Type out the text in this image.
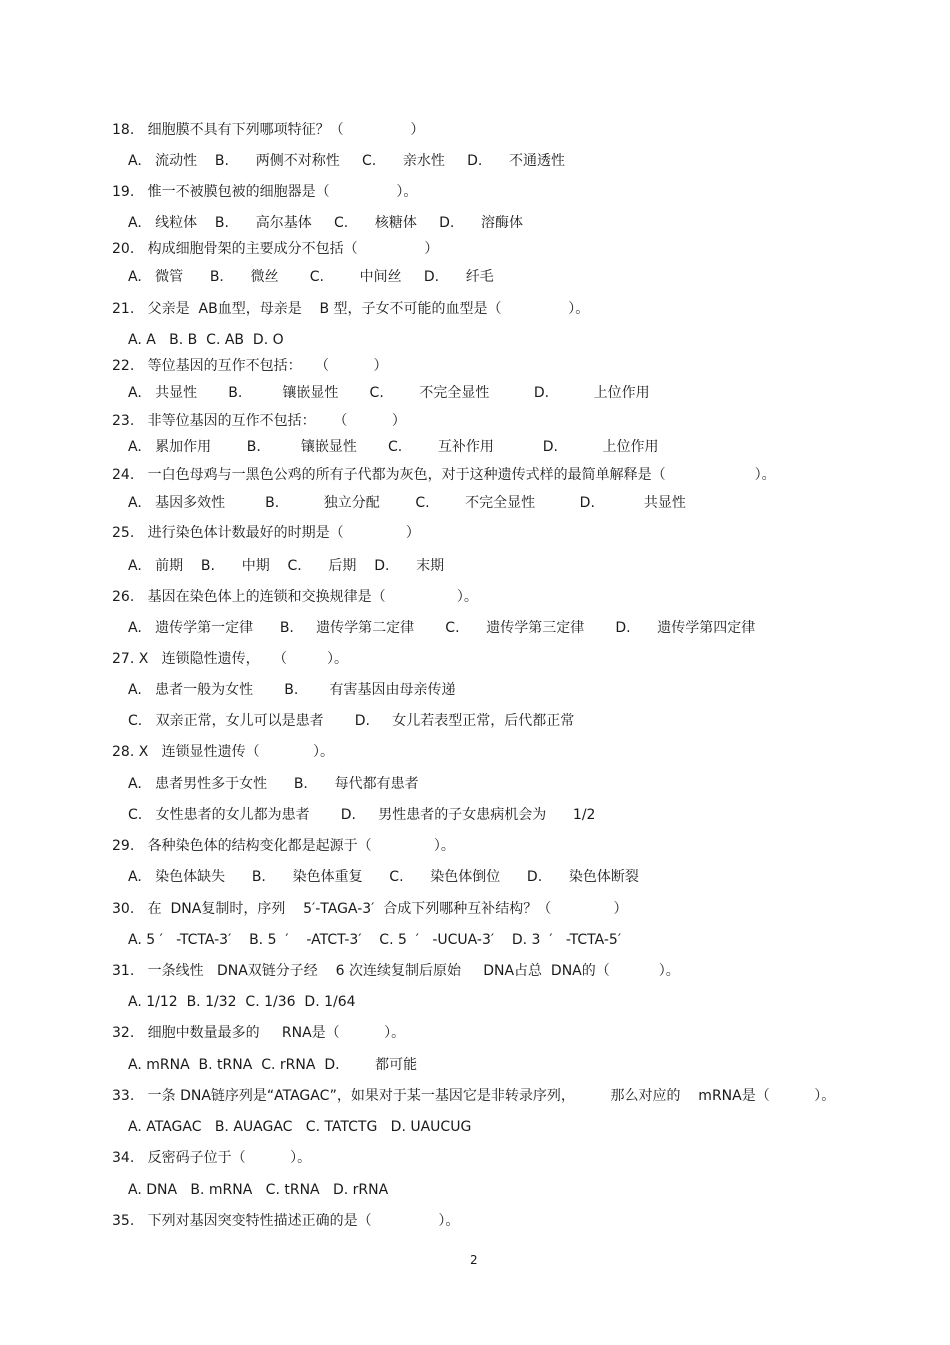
18.   细胞膜不具有下列哪项特征？（               ）
A.   流动性    B.      两侧不对称性     C.      亲水性     D.      不通透性
19.   惟一不被膜包被的细胞器是（               ）。
A.   线粒体    B.      高尔基体     C.      核糖体     D.      溶酶体
20.   构成细胞骨架的主要成分不包括（               ）
A.   微管      B.      微丝       C.        中间丝     D.      纤毛
21.   父亲是  AB血型，母亲是    B 型，子女不可能的血型是（               ）。
A. A   B. B  C. AB  D. O
22.   等位基因的互作不包括：   （          ）
A.   共显性       B.         镶嵌显性       C.        不完全显性          D.          上位作用
23.   非等位基因的互作不包括：    （          ）
A.   累加作用        B.         镶嵌显性       C.        互补作用           D.          上位作用
24.   一白色母鸡与一黑色公鸡的所有子代都为灰色，对于这种遗传式样的最简单解释是（                    ）。
A.   基因多效性         B.          独立分配        C.        不完全显性          D.           共显性
25.   进行染色体计数最好的时期是（              ）
A.   前期    B.      中期    C.      后期    D.      末期
26.   基因在染色体上的连锁和交换规律是（                ）。
A.   遗传学第一定律      B.     遗传学第二定律       C.      遗传学第三定律       D.      遗传学第四定律
27. X   连锁隐性遗传，   （         ）。
A.   患者一般为女性       B.       有害基因由母亲传递
C.   双亲正常，女儿可以是患者       D.     女儿若表型正常，后代都正常
28. X   连锁显性遗传（            ）。
A.   患者男性多于女性      B.      每代都有患者
C.   女性患者的女儿都为患者       D.     男性患者的子女患病机会为      1/2
29.   各种染色体的结构变化都是起源于（              ）。
A.   染色体缺失      B.      染色体重复      C.      染色体倒位      D.      染色体断裂
30.   在  DNA复制时，序列    5′-TAGA-3′  合成下列哪种互补结构？（              ）
A. 5 ′   -TCTA-3′    B. 5  ′    -ATCT-3′    C. 5  ′   -UCUA-3′    D. 3  ′   -TCTA-5′
31.   一条线性   DNA双链分子经    6 次连续复制后原始     DNA占总  DNA的（           ）。
A. 1/12  B. 1/32  C. 1/36  D. 1/64
32.   细胞中数量最多的     RNA是（          ）。
A. mRNA  B. tRNA  C. rRNA  D.        都可能
33.   一条 DNA链序列是“ATAGAC”，如果对于某一基因它是非转录序列，        那么对应的    mRNA是（          ）。
A. ATAGAC   B. AUAGAC   C. TATCTG   D. UAUCUG
34.   反密码子位于（          ）。
A. DNA   B. mRNA   C. tRNA   D. rRNA
35.   下列对基因突变特性描述正确的是（               ）。
2
